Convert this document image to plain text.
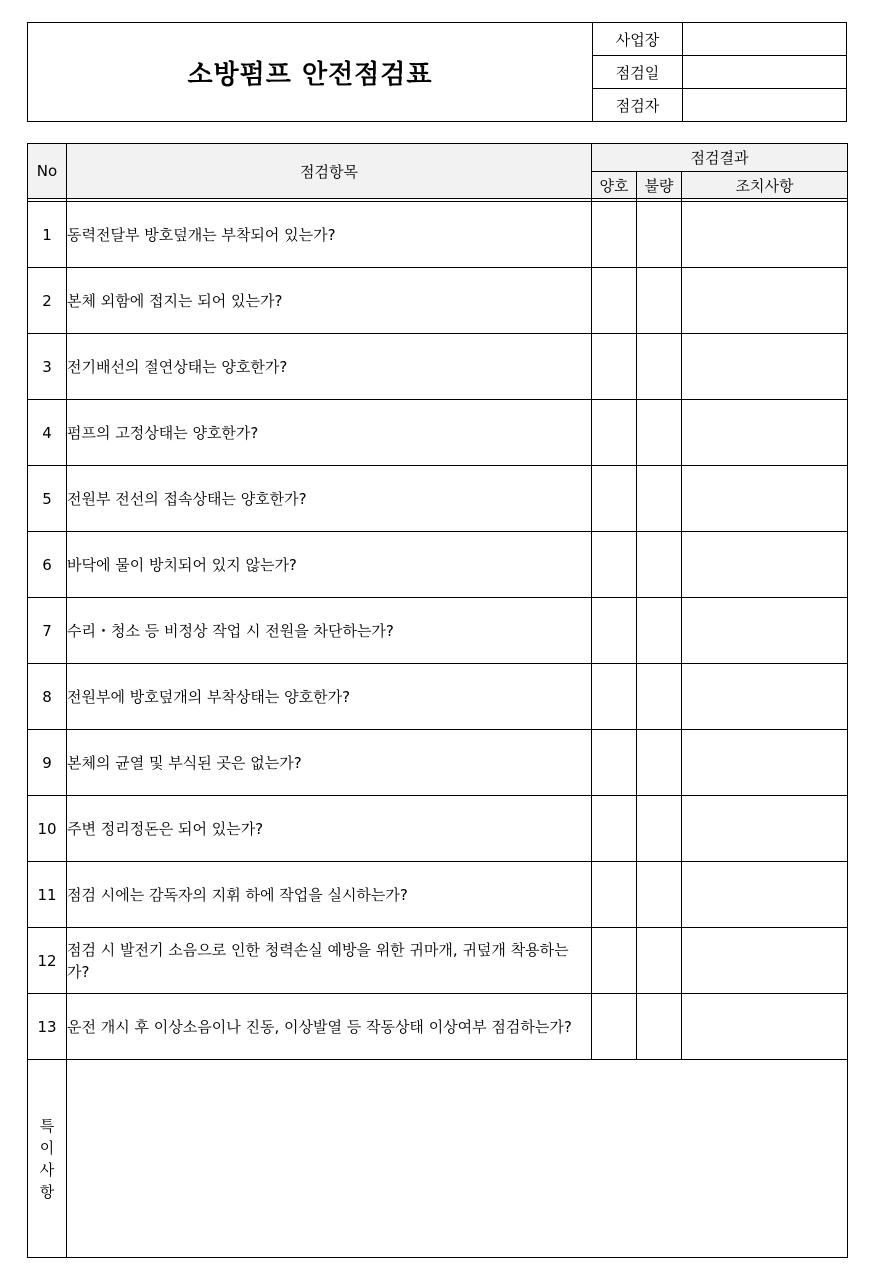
소방펌프 안전점검표
사업장
점검일
점검자
No	점검항목	점검결과		
		양호	불량	조치사항

1	동력전달부 방호덮개는 부착되어 있는가?			
2	본체 외함에 접지는 되어 있는가?			
3	전기배선의 절연상태는 양호한가?			
4	펌프의 고정상태는 양호한가?			
5	전원부 전선의 접속상태는 양호한가?			
6	바닥에 물이 방치되어 있지 않는가?			
7	수리・청소 등 비정상 작업 시 전원을 차단하는가?			
8	전원부에 방호덮개의 부착상태는 양호한가?			
9	본체의 균열 및 부식된 곳은 없는가?			
10	주변 정리정돈은 되어 있는가?			
11	점검 시에는 감독자의 지휘 하에 작업을 실시하는가?			
12	점검 시 발전기 소음으로 인한 청력손실 예방을 위한 귀마개, 귀덮개 착용하는가?			
13	운전 개시 후 이상소음이나 진동, 이상발열 등 작동상태 이상여부 점검하는가?			

특
이
사
항				
